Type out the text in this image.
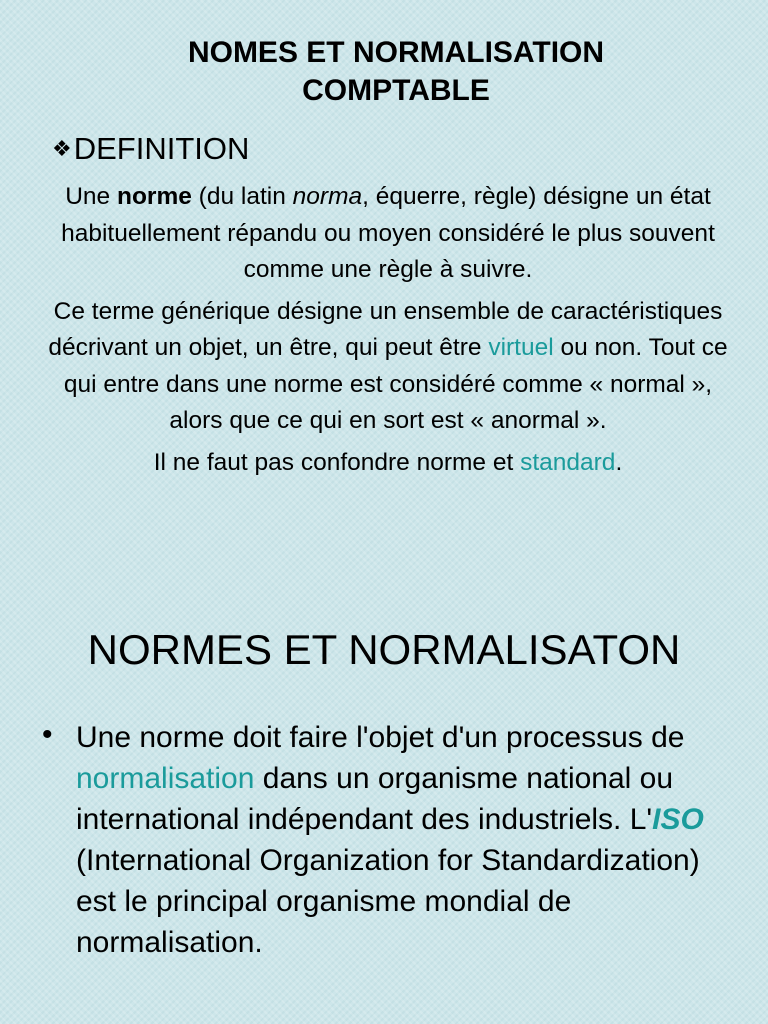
NOMES ET NORMALISATION COMPTABLE
❖DEFINITION

Une norme (du latin norma, équerre, règle) désigne un état habituellement répandu ou moyen considéré le plus souvent comme une règle à suivre.

Ce terme générique désigne un ensemble de caractéristiques décrivant un objet, un être, qui peut être virtuel ou non. Tout ce qui entre dans une norme est considéré comme « normal », alors que ce qui en sort est « anormal ».

Il ne faut pas confondre norme et standard.

NORMES ET NORMALISATON
• Une norme doit faire l'objet d'un processus de normalisation dans un organisme national ou international indépendant des industriels. L'ISO (International Organization for Standardization) est le principal organisme mondial de normalisation.
